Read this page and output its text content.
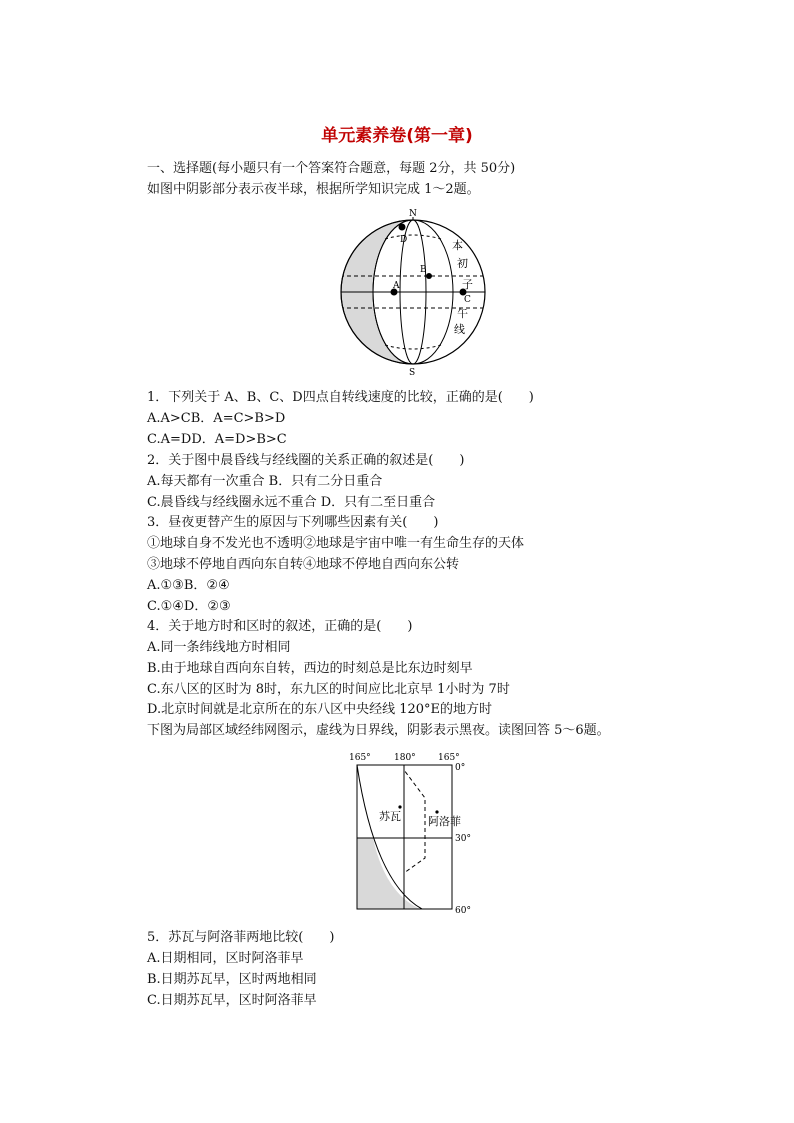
单元素养卷(第一章)
一、选择题(每小题只有一个答案符合题意，每题 2分，共 50分)
如图中阴影部分表示夜半球，根据所学知识完成 1～2题。
N
S
D
B
A
C
本
初
子
午
线
1．下列关于 A、B、C、D四点自转线速度的比较，正确的是(　　)
A.A>CB．A=C>B>D
C.A=DD．A=D>B>C
2．关于图中晨昏线与经线圈的关系正确的叙述是(　　)
A.每天都有一次重合 B．只有二分日重合
C.晨昏线与经线圈永远不重合 D．只有二至日重合
3．昼夜更替产生的原因与下列哪些因素有关(　　)
①地球自身不发光也不透明②地球是宇宙中唯一有生命生存的天体
③地球不停地自西向东自转④地球不停地自西向东公转
A.①③B．②④
C.①④D．②③
4．关于地方时和区时的叙述，正确的是(　　)
A.同一条纬线地方时相同
B.由于地球自西向东自转，西边的时刻总是比东边时刻早
C.东八区的区时为 8时，东九区的时间应比北京早 1小时为 7时
D.北京时间就是北京所在的东八区中央经线 120°E的地方时
下图为局部区域经纬网图示，虚线为日界线，阴影表示黑夜。读图回答 5～6题。
苏瓦 阿洛菲
165°	180° 165°
0°
30°
60°
5．苏瓦与阿洛菲两地比较(　　)
A.日期相同，区时阿洛菲早
B.日期苏瓦早，区时两地相同
C.日期苏瓦早，区时阿洛菲早
